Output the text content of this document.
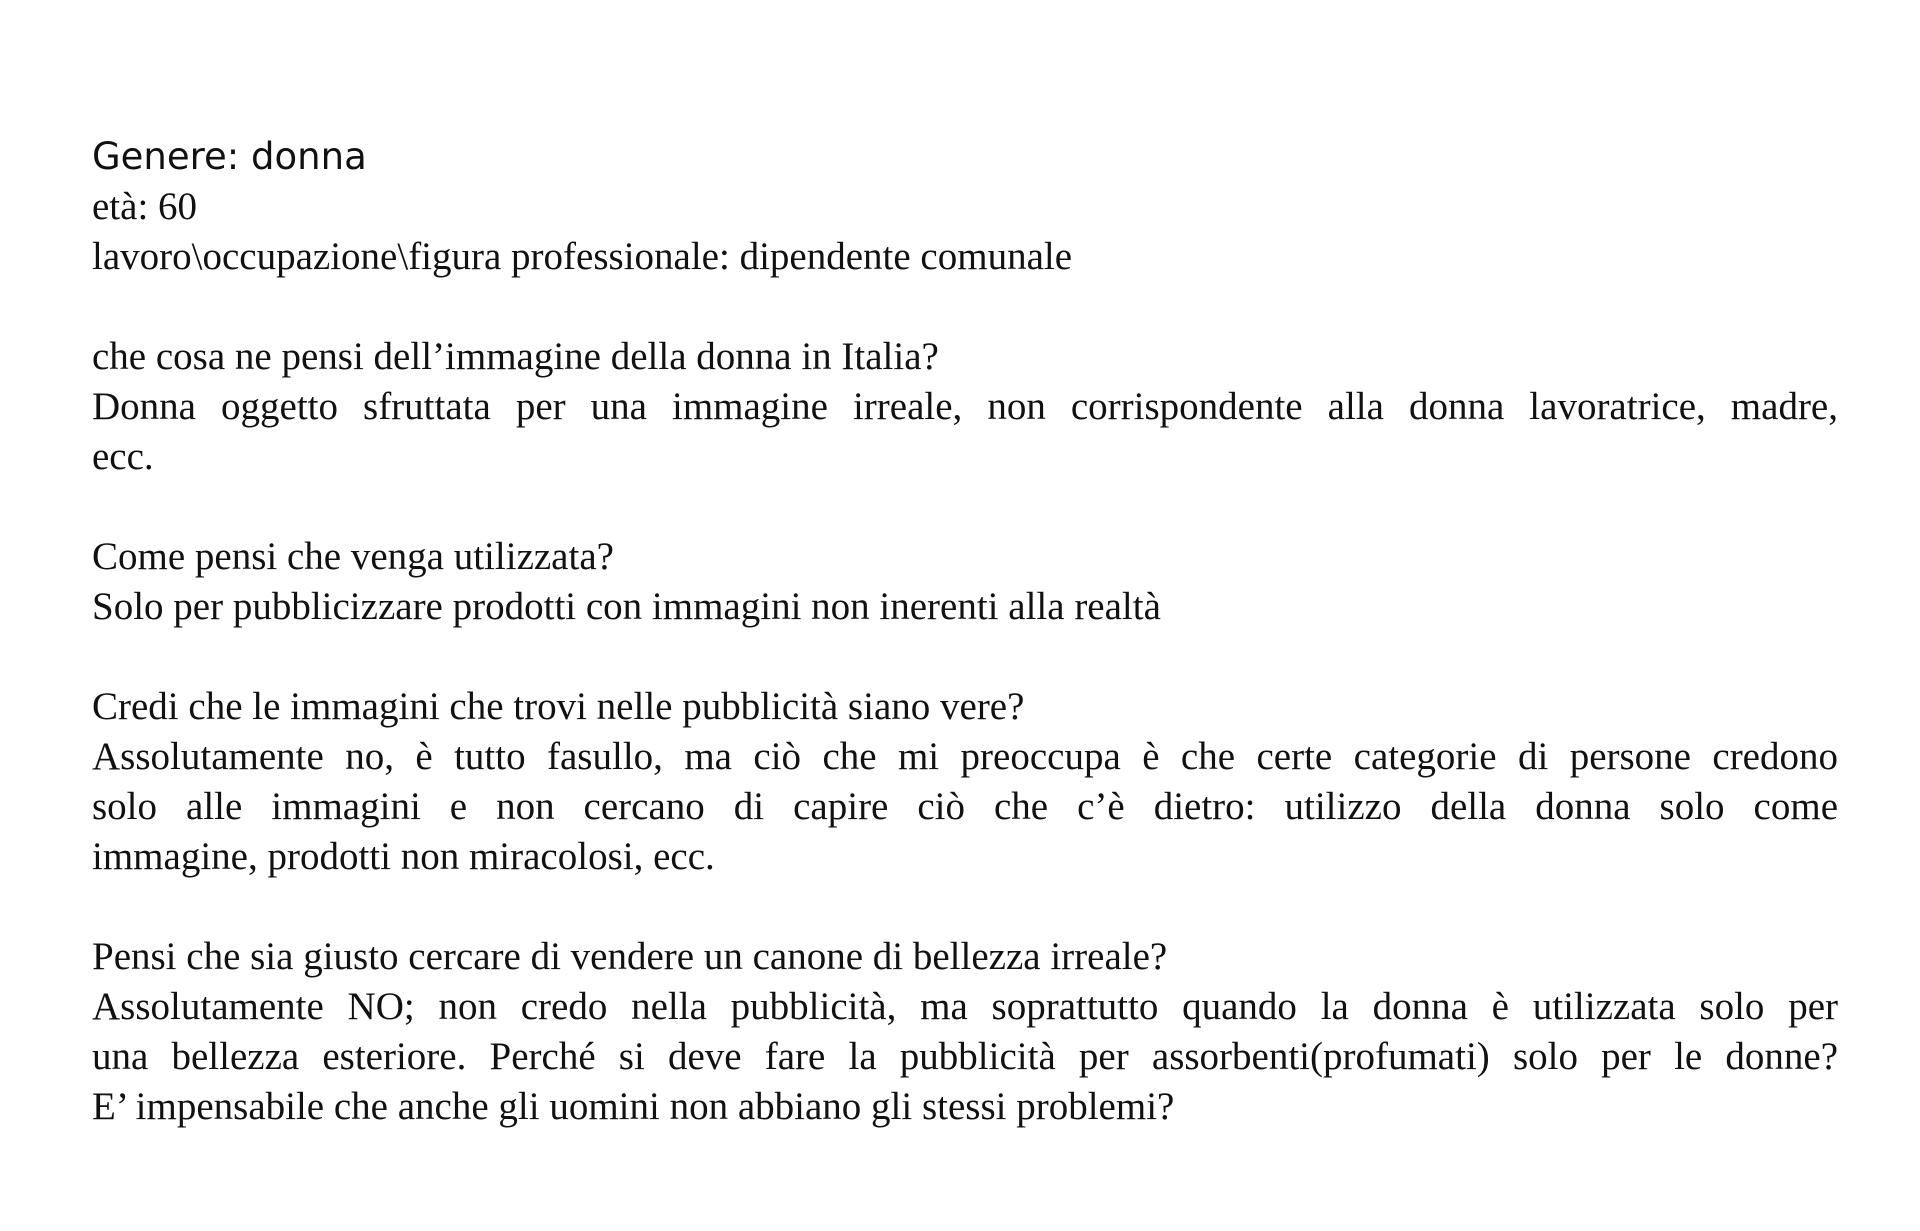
Genere: donna
età: 60
lavoro\occupazione\figura professionale: dipendente comunale
che cosa ne pensi dell’immagine della donna in Italia?
Donna oggetto sfruttata per una immagine irreale, non corrispondente alla donna lavoratrice, madre,
ecc.
Come pensi che venga utilizzata?
Solo per pubblicizzare prodotti con immagini non inerenti alla realtà
Credi che le immagini che trovi nelle pubblicità siano vere?
Assolutamente no, è tutto fasullo, ma ciò che mi preoccupa è che certe categorie di persone credono
solo alle immagini e non cercano di capire ciò che c’è dietro: utilizzo della donna solo come
immagine, prodotti non miracolosi, ecc.
Pensi che sia giusto cercare di vendere un canone di bellezza irreale?
Assolutamente NO; non credo nella pubblicità, ma soprattutto quando la donna è utilizzata solo per
una bellezza esteriore. Perché si deve fare la pubblicità per assorbenti(profumati) solo per le donne?
E’ impensabile che anche gli uomini non abbiano gli stessi problemi?
